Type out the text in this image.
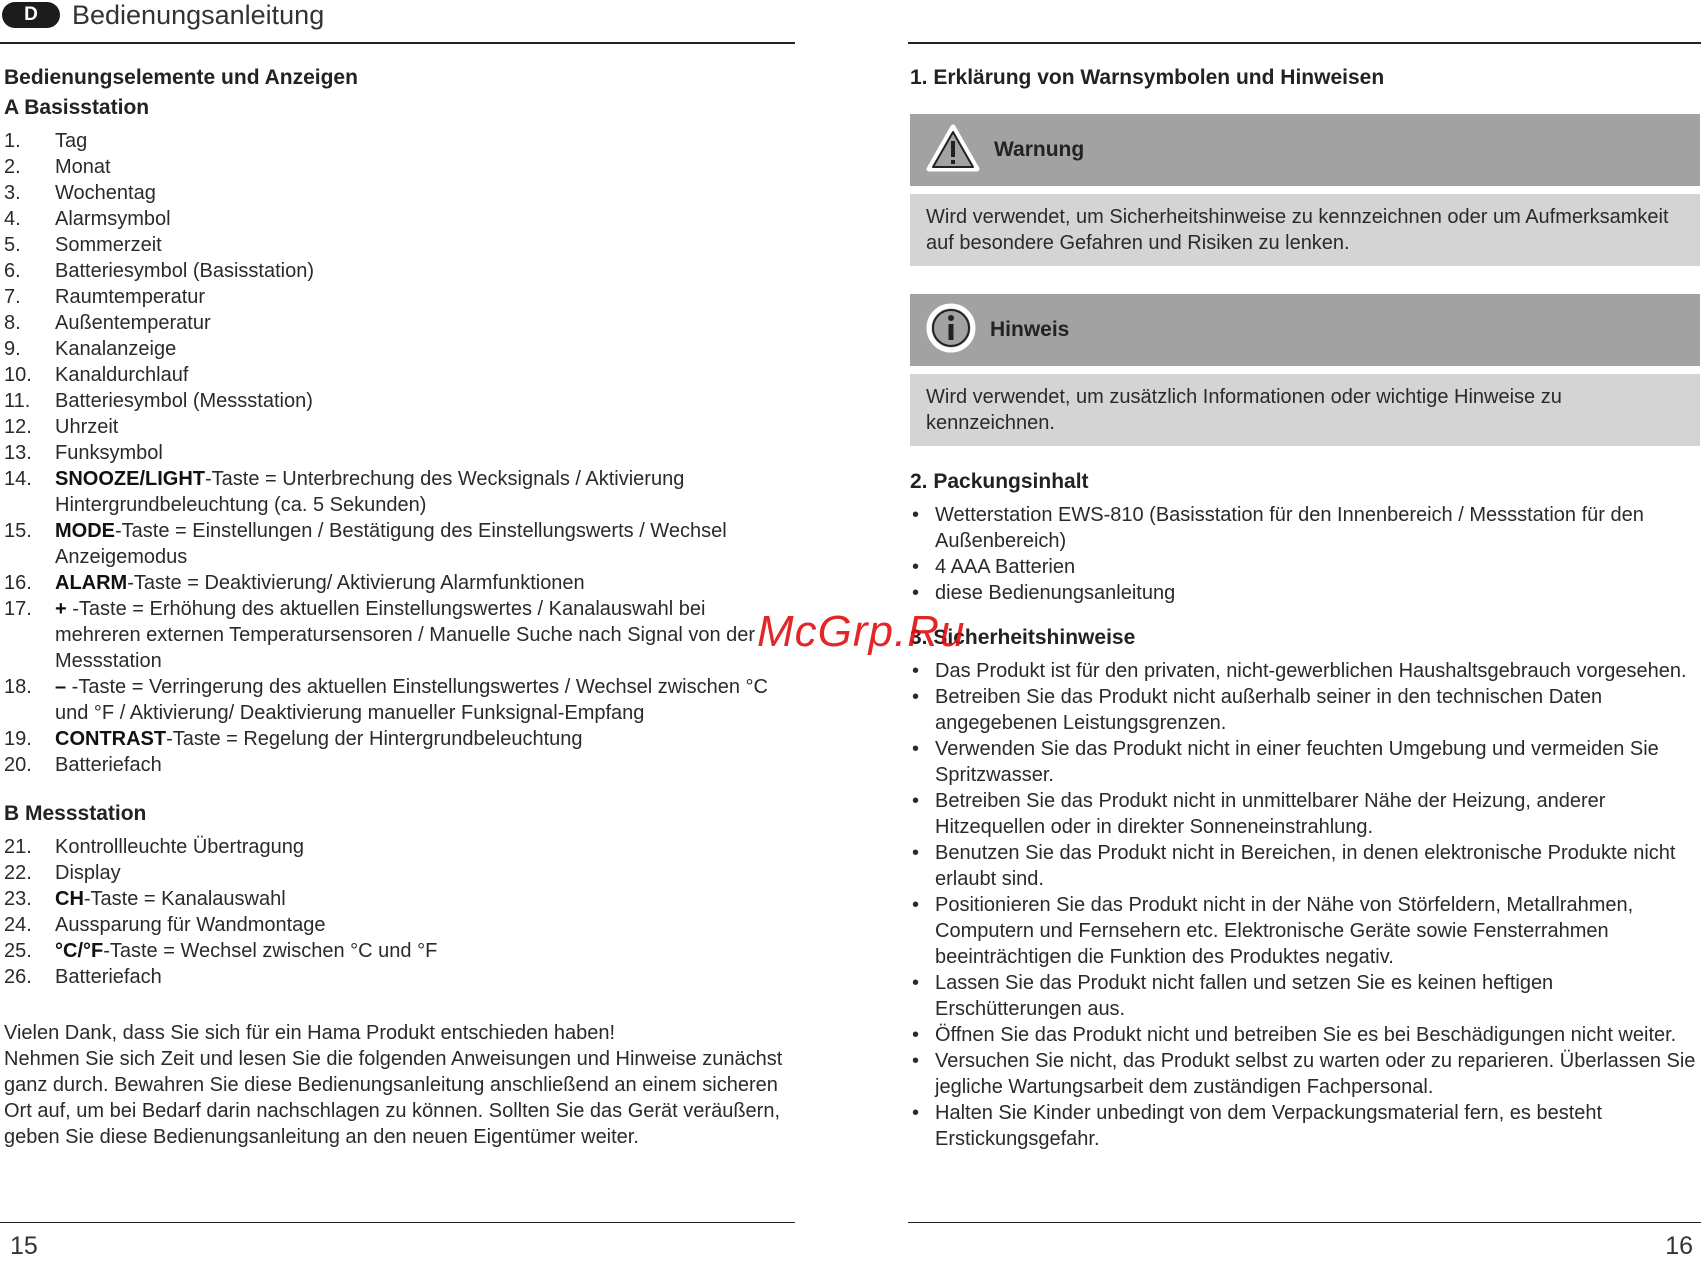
D	Bedienungsanleitung
Bedienungselemente und Anzeigen
A Basisstation
1.	Tag
2.	Monat
3.	Wochentag
4.	Alarmsymbol
5.	Sommerzeit
6.	Batteriesymbol (Basisstation)
7.	Raumtemperatur
8.	Außentemperatur
9.	Kanalanzeige
10.	Kanaldurchlauf
11.	Batteriesymbol (Messstation)
12.	Uhrzeit
13.	Funksymbol
14.	SNOOZE/LIGHT-Taste = Unterbrechung des Wecksignals / Aktivierung Hintergrundbeleuchtung (ca. 5 Sekunden)
15.	MODE-Taste = Einstellungen / Bestätigung des Einstellungswerts / Wechsel Anzeigemodus
16.	ALARM-Taste = Deaktivierung/ Aktivierung Alarmfunktionen
17.	+ -Taste = Erhöhung des aktuellen Einstellungswertes / Kanalauswahl bei mehreren externen Temperatursensoren / Manuelle Suche nach Signal von der Messstation
18.	– -Taste = Verringerung des aktuellen Einstellungswertes / Wechsel zwischen °C und °F / Aktivierung/ Deaktivierung manueller Funksignal-Empfang
19.	CONTRAST-Taste = Regelung der Hintergrundbeleuchtung
20.	Batteriefach
B Messstation
21.	Kontrollleuchte Übertragung
22.	Display
23.	CH-Taste = Kanalauswahl
24.	Aussparung für Wandmontage
25.	°C/°F-Taste = Wechsel zwischen °C und °F
26.	Batteriefach

Vielen Dank, dass Sie sich für ein Hama Produkt entschieden haben!

Nehmen Sie sich Zeit und lesen Sie die folgenden Anweisungen und Hinweise zunächst ganz durch. Bewahren Sie diese Bedienungsanleitung anschließend an einem sicheren Ort auf, um bei Bedarf darin nachschlagen zu können. Sollten Sie das Gerät veräußern, geben Sie diese Bedienungsanleitung an den neuen Eigentümer weiter.

1. Erklärung von Warnsymbolen und Hinweisen
Warnung
Wird verwendet, um Sicherheitshinweise zu kennzeichnen oder um Aufmerksamkeit auf besondere Gefahren und Risiken zu lenken.
Hinweis
Wird verwendet, um zusätzlich Informationen oder wichtige Hinweise zu kennzeichnen.
2. Packungsinhalt
• Wetterstation EWS-810 (Basisstation für den Innenbereich / Messstation für den Außenbereich)
• 4 AAA Batterien
• diese Bedienungsanleitung
3. Sicherheitshinweise
• Das Produkt ist für den privaten, nicht-gewerblichen Haushaltsgebrauch vorgesehen.
• Betreiben Sie das Produkt nicht außerhalb seiner in den technischen Daten angegebenen Leistungsgrenzen.
• Verwenden Sie das Produkt nicht in einer feuchten Umgebung und vermeiden Sie Spritzwasser.
• Betreiben Sie das Produkt nicht in unmittelbarer Nähe der Heizung, anderer Hitzequellen oder in direkter Sonneneinstrahlung.
• Benutzen Sie das Produkt nicht in Bereichen, in denen elektronische Produkte nicht erlaubt sind.
• Positionieren Sie das Produkt nicht in der Nähe von Störfeldern, Metallrahmen, Computern und Fernsehern etc. Elektronische Geräte sowie Fensterrahmen beeinträchtigen die Funktion des Produktes negativ.
• Lassen Sie das Produkt nicht fallen und setzen Sie es keinen heftigen Erschütterungen aus.
• Öffnen Sie das Produkt nicht und betreiben Sie es bei Beschädigungen nicht weiter.
• Versuchen Sie nicht, das Produkt selbst zu warten oder zu reparieren. Überlassen Sie jegliche Wartungsarbeit dem zuständigen Fachpersonal.
• Halten Sie Kinder unbedingt von dem Verpackungsmaterial fern, es besteht Erstickungsgefahr.
McGrp.Ru
15	16
